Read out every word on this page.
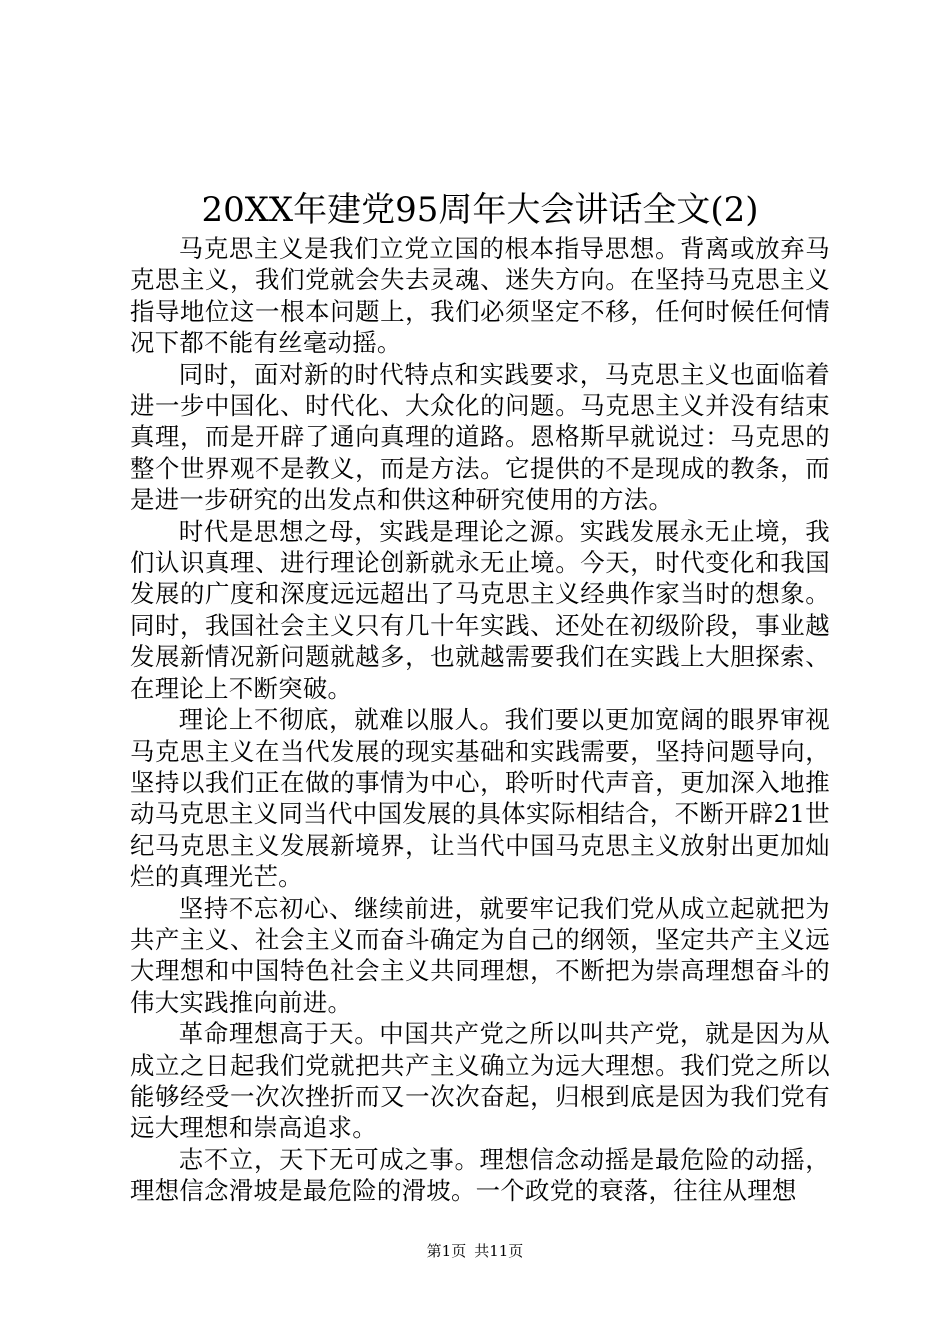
20XX年建党95周年大会讲话全文(2)

马克思主义是我们立党立国的根本指导思想。背离或放弃马克思主义，我们党就会失去灵魂、迷失方向。在坚持马克思主义指导地位这一根本问题上，我们必须坚定不移，任何时候任何情况下都不能有丝毫动摇。

同时，面对新的时代特点和实践要求，马克思主义也面临着进一步中国化、时代化、大众化的问题。马克思主义并没有结束真理，而是开辟了通向真理的道路。恩格斯早就说过：马克思的整个世界观不是教义，而是方法。它提供的不是现成的教条，而是进一步研究的出发点和供这种研究使用的方法。

时代是思想之母，实践是理论之源。实践发展永无止境，我们认识真理、进行理论创新就永无止境。今天，时代变化和我国发展的广度和深度远远超出了马克思主义经典作家当时的想象。同时，我国社会主义只有几十年实践、还处在初级阶段，事业越发展新情况新问题就越多，也就越需要我们在实践上大胆探索、在理论上不断突破。

理论上不彻底，就难以服人。我们要以更加宽阔的眼界审视马克思主义在当代发展的现实基础和实践需要，坚持问题导向，坚持以我们正在做的事情为中心，聆听时代声音，更加深入地推动马克思主义同当代中国发展的具体实际相结合，不断开辟21世纪马克思主义发展新境界，让当代中国马克思主义放射出更加灿烂的真理光芒。

坚持不忘初心、继续前进，就要牢记我们党从成立起就把为共产主义、社会主义而奋斗确定为自己的纲领，坚定共产主义远大理想和中国特色社会主义共同理想，不断把为崇高理想奋斗的伟大实践推向前进。

革命理想高于天。中国共产党之所以叫共产党，就是因为从成立之日起我们党就把共产主义确立为远大理想。我们党之所以能够经受一次次挫折而又一次次奋起，归根到底是因为我们党有远大理想和崇高追求。

志不立，天下无可成之事。理想信念动摇是最危险的动摇，理想信念滑坡是最危险的滑坡。一个政党的衰落，往往从理想

第1页 共11页
